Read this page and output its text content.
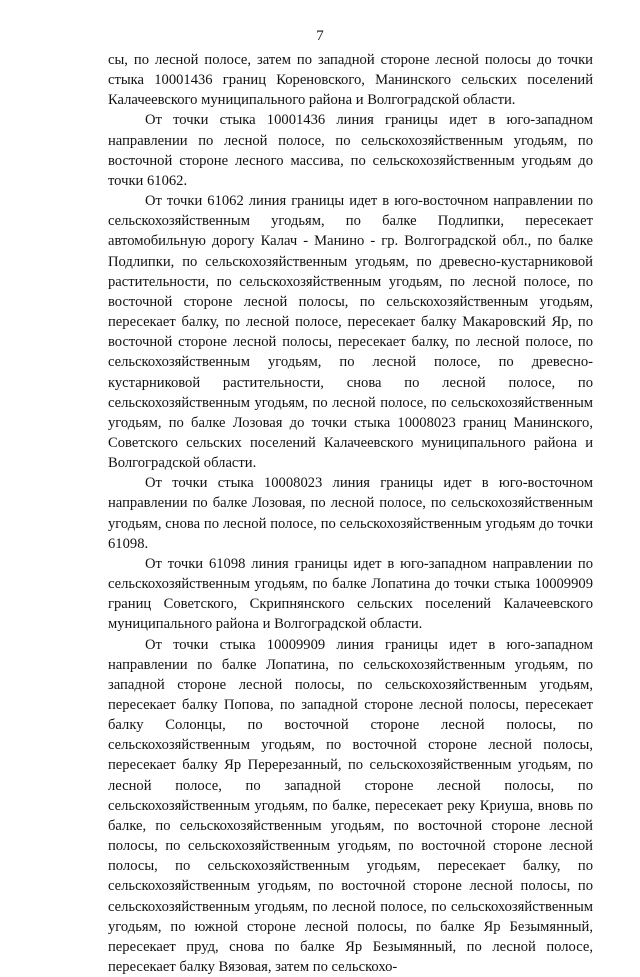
7

сы, по лесной полосе, затем по западной стороне лесной полосы до точки стыка 10001436 границ Кореновского, Манинского сельских поселений Калачеевского муниципального района и Волгоградской области.

От точки стыка 10001436 линия границы идет в юго-западном направлении по лесной полосе, по сельскохозяйственным угодьям, по восточной стороне лесного массива, по сельскохозяйственным угодьям до точки 61062.

От точки 61062 линия границы идет в юго-восточном направлении по сельскохозяйственным угодьям, по балке Подлипки, пересекает автомобильную дорогу Калач - Манино - гр. Волгоградской обл., по балке Подлипки, по сельскохозяйственным угодьям, по древесно-кустарниковой растительности, по сельскохозяйственным угодьям, по лесной полосе, по восточной стороне лесной полосы, по сельскохозяйственным угодьям, пересекает балку, по лесной полосе, пересекает балку Макаровский Яр, по восточной стороне лесной полосы, пересекает балку, по лесной полосе, по сельскохозяйственным угодьям, по лесной полосе, по древесно-кустарниковой растительности, снова по лесной полосе, по сельскохозяйственным угодьям, по лесной полосе, по сельскохозяйственным угодьям, по балке Лозовая до точки стыка 10008023 границ Манинского, Советского сельских поселений Калачеевского муниципального района и Волгоградской области.

От точки стыка 10008023 линия границы идет в юго-восточном направлении по балке Лозовая, по лесной полосе, по сельскохозяйственным угодьям, снова по лесной полосе, по сельскохозяйственным угодьям до точки 61098.

От точки 61098 линия границы идет в юго-западном направлении по сельскохозяйственным угодьям, по балке Лопатина до точки стыка 10009909 границ Советского, Скрипнянского сельских поселений Калачеевского муниципального района и Волгоградской области.

От точки стыка 10009909 линия границы идет в юго-западном направлении по балке Лопатина, по сельскохозяйственным угодьям, по западной стороне лесной полосы, по сельскохозяйственным угодьям, пересекает балку Попова, по западной стороне лесной полосы, пересекает балку Солонцы, по восточной стороне лесной полосы, по сельскохозяйственным угодьям, по восточной стороне лесной полосы, пересекает балку Яр Перерезанный, по сельскохозяйственным угодьям, по лесной полосе, по западной стороне лесной полосы, по сельскохозяйственным угодьям, по балке, пересекает реку Криуша, вновь по балке, по сельскохозяйственным угодьям, по восточной стороне лесной полосы, по сельскохозяйственным угодьям, по восточной стороне лесной полосы, по сельскохозяйственным угодьям, пересекает балку, по сельскохозяйственным угодьям, по восточной стороне лесной полосы, по сельскохозяйственным угодьям, по лесной полосе, по сельскохозяйственным угодьям, по южной стороне лесной полосы, по балке Яр Безымянный, пересекает пруд, снова по балке Яр Безымянный, по лесной полосе, пересекает балку Вязовая, затем по сельскохо-
